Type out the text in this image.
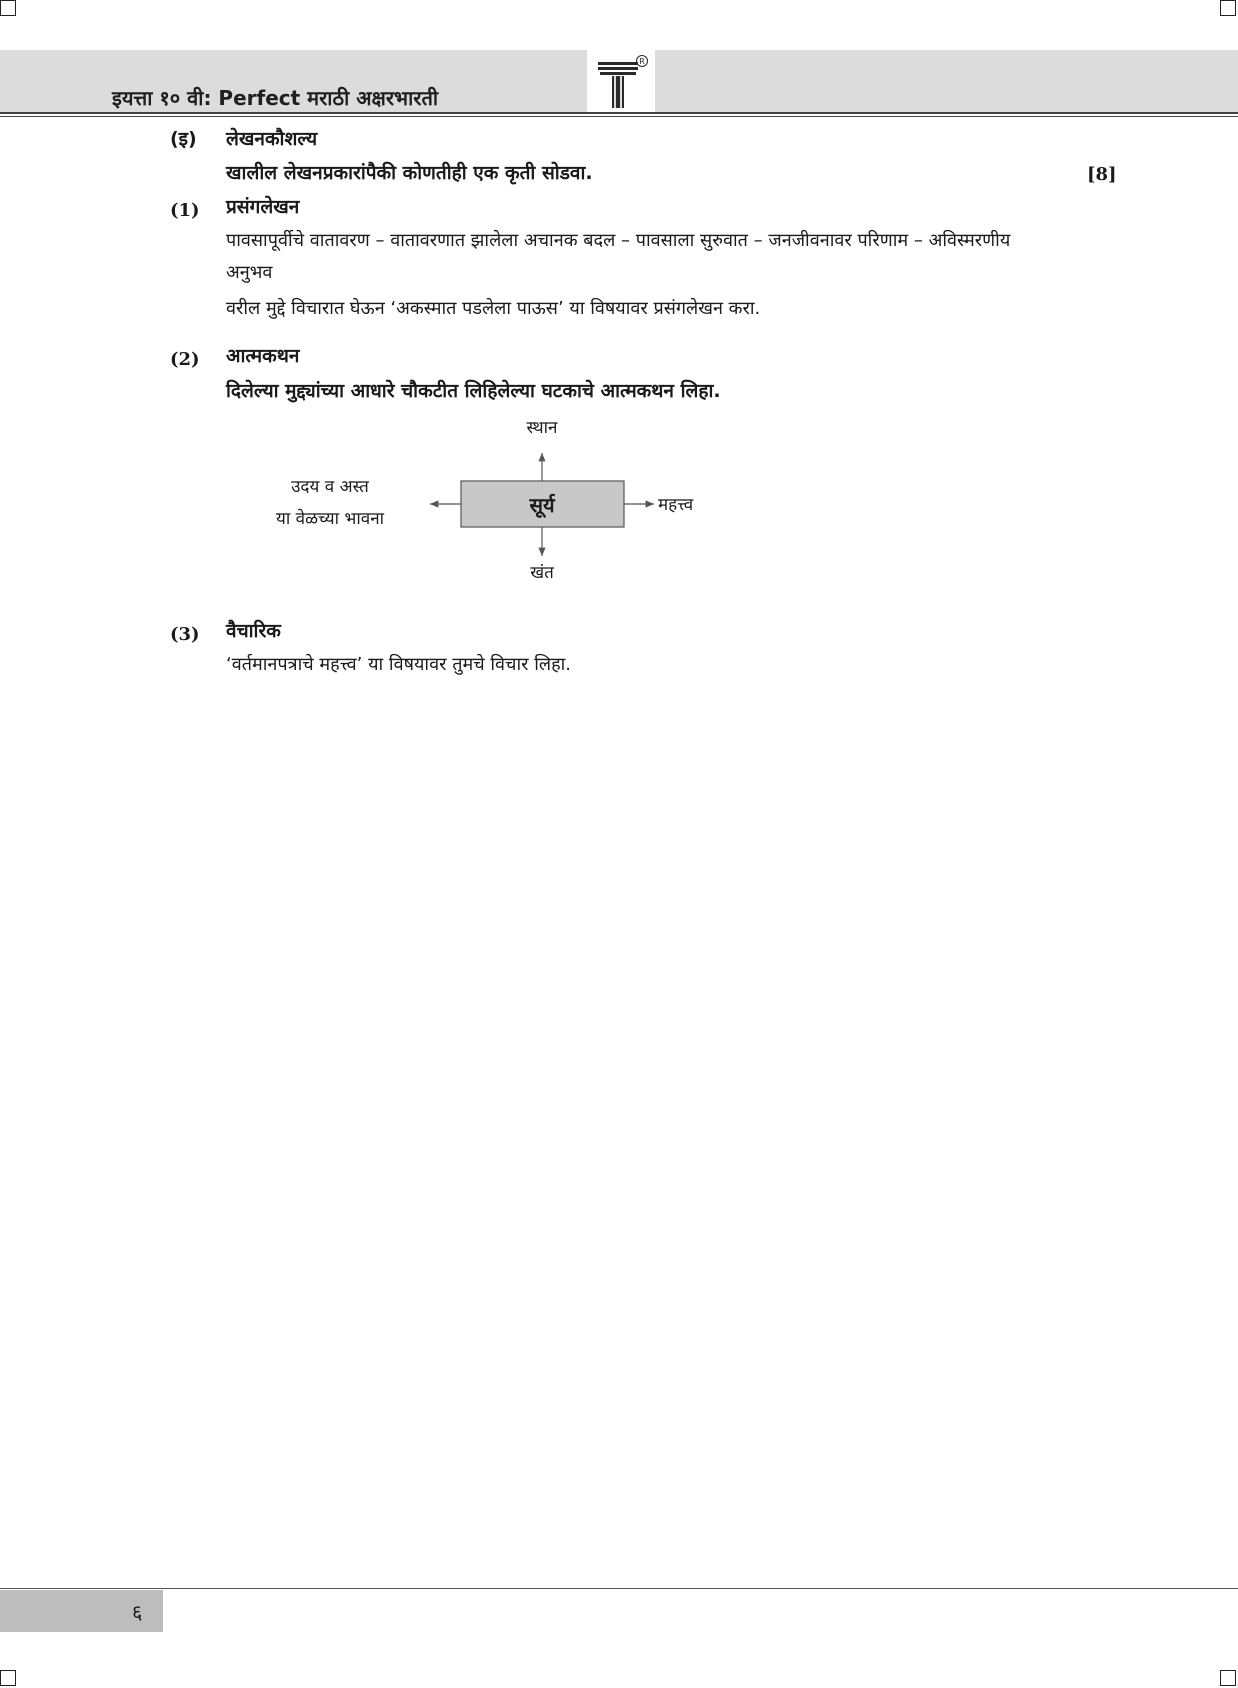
इयत्ता १० वी: Perfect मराठी अक्षरभारती
R
(इ) लेखनकौशल्य
खालील लेखनप्रकारांपैकी कोणतीही एक कृती सोडवा.	[8]
(1) प्रसंगलेखन
पावसापूर्वीचे वातावरण – वातावरणात झालेला अचानक बदल – पावसाला सुरुवात – जनजीवनावर परिणाम – अविस्मरणीय
अनुभव
वरील मुद्दे विचारात घेऊन ‘अकस्मात पडलेला पाऊस’ या विषयावर प्रसंगलेखन करा.
(2) आत्मकथन
दिलेल्या मुद्द्यांच्या आधारे चौकटीत लिहिलेल्या घटकाचे आत्मकथन लिहा.
सूर्य
स्थान
महत्त्व
खंत
उदय व अस्त
या वेळच्या भावना
(3) वैचारिक
‘वर्तमानपत्राचे महत्त्व’ या विषयावर तुमचे विचार लिहा.
६
